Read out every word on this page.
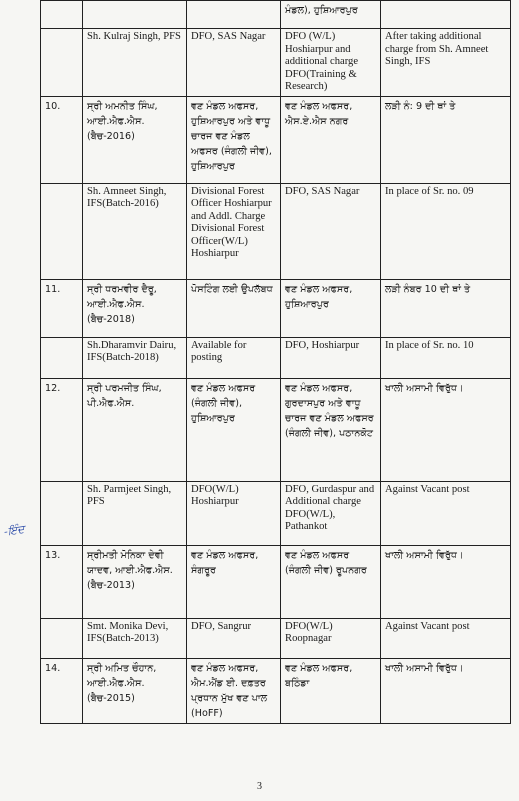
			ਮੰਡਲ), ਹੁਸ਼ਿਆਰਪੁਰ	
	Sh. Kulraj Singh, PFS	DFO, SAS Nagar	DFO (W/L) Hoshiarpur and additional charge DFO(Training & Research)	After taking additional charge from Sh. Amneet Singh, IFS
10.	ਸ੍ਰੀ ਅਮਨੀਤ ਸਿੰਘ, ਆਈ.ਐਫ.ਐਸ.(ਬੈਚ-2016)	ਵਣ ਮੰਡਲ ਅਫਸਰ, ਹੁਸ਼ਿਆਰਪੁਰ ਅਤੇ ਵਾਧੂ ਚਾਰਜ ਵਣ ਮੰਡਲ ਅਫਸਰ (ਜੰਗਲੀ ਜੀਵ), ਹੁਸ਼ਿਆਰਪੁਰ	ਵਣ ਮੰਡਲ ਅਫਸਰ, ਐਸ.ਏ.ਐਸ ਨਗਰ	ਲੜੀ ਨੰ: 9 ਦੀ ਥਾਂ ਤੇ
	Sh. Amneet Singh, IFS(Batch-2016)	Divisional Forest Officer Hoshiarpur and Addl. Charge Divisional Forest Officer(W/L) Hoshiarpur	DFO, SAS Nagar	In place of Sr. no. 09
11.	ਸ੍ਰੀ ਧਰਮਵੀਰ ਦੈਰੂ, ਆਈ.ਐਫ.ਐਸ.(ਬੈਚ-2018)	ਪੋਸਟਿੰਗ ਲਈ ਉਪਲੱਬਧ	ਵਣ ਮੰਡਲ ਅਫਸਰ, ਹੁਸ਼ਿਆਰਪੁਰ	ਲੜੀ ਨੰਬਰ 10 ਦੀ ਥਾਂ ਤੇ
	Sh.Dharamvir Dairu, IFS(Batch-2018)	Available for posting	DFO, Hoshiarpur	In place of Sr. no. 10
12.	ਸ੍ਰੀ ਪਰਮਜੀਤ ਸਿੰਘ, ਪੀ.ਐਫ.ਐਸ.	ਵਣ ਮੰਡਲ ਅਫਸਰ (ਜੰਗਲੀ ਜੀਵ), ਹੁਸ਼ਿਆਰਪੁਰ	ਵਣ ਮੰਡਲ ਅਫਸਰ, ਗੁਰਦਾਸਪੁਰ ਅਤੇ ਵਾਧੂ ਚਾਰਜ ਵਣ ਮੰਡਲ ਅਫਸਰ (ਜੰਗਲੀ ਜੀਵ), ਪਠਾਨਕੋਟ	ਖਾਲੀ ਅਸਾਮੀ ਵਿਰੁੱਧ।
	Sh. Parmjeet Singh, PFS	DFO(W/L) Hoshiarpur	DFO, Gurdaspur and Additional charge DFO(W/L), Pathankot	Against Vacant post
13.	ਸ੍ਰੀਮਤੀ ਮੋਨਿਕਾ ਦੇਵੀ ਯਾਦਵ, ਆਈ.ਐਫ.ਐਸ.(ਬੈਚ-2013)	ਵਣ ਮੰਡਲ ਅਫਸਰ, ਸੰਗਰੂਰ	ਵਣ ਮੰਡਲ ਅਫਸਰ (ਜੰਗਲੀ ਜੀਵ) ਰੂਪਨਗਰ	ਖਾਲੀ ਅਸਾਮੀ ਵਿਰੁੱਧ।
	Smt. Monika Devi, IFS(Batch-2013)	DFO, Sangrur	DFO(W/L) Roopnagar	Against Vacant post
14.	ਸ੍ਰੀ ਅਮਿਤ ਚੌਹਾਨ, ਆਈ.ਐਫ.ਐਸ.(ਬੈਚ-2015)	ਵਣ ਮੰਡਲ ਅਫਸਰ, ਐਮ.ਐਂਡ ਈ. ਦਫ਼ਤਰ ਪ੍ਰਧਾਨ ਮੁੱਖ ਵਣ ਪਾਲ (HoFF)	ਵਣ ਮੰਡਲ ਅਫਸਰ, ਬਠਿੰਡਾ	ਖਾਲੀ ਅਸਾਮੀ ਵਿਰੁੱਧ।
-ਇੰਦ
3
